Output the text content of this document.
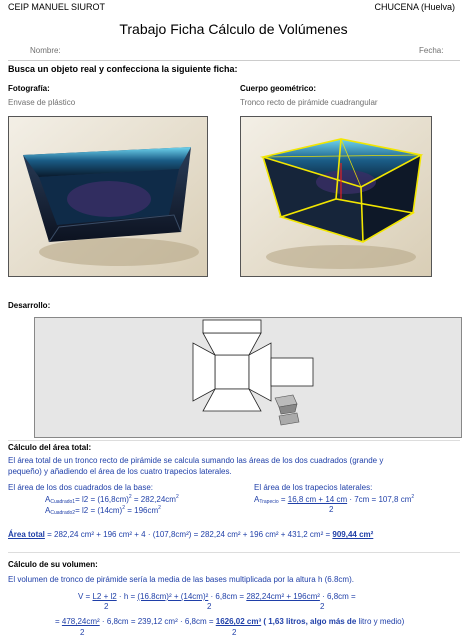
CEIP MANUEL SIUROT	CHUCENA (Huelva)
Trabajo Ficha Cálculo de Volúmenes
Nombre:	Fecha:
Busca un objeto real y confecciona la siguiente ficha:
Fotografía:
Envase de plástico
Cuerpo geométrico:
Tronco recto de pirámide cuadrangular
Desarrollo:
Cálculo del área total:
El área total de un tronco recto de pirámide se calcula sumando las áreas de los dos cuadrados (grande y
pequeño) y añadiendo el área de los cuatro trapecios laterales.
El área de los dos cuadrados de la base:
$A_{Cuadrado1}= l2 = (16,8cm)^2 = 282,24cm^2$
$A_{Cuadrado2}= l2 = (14cm)^2 = 196cm^2$
El área de los trapecios laterales:
$A_{Trapecio} = 16,8$ cm + 14 cm · 7cm = 107,8 $cm^2$
2
Área total = 282,24 cm² + 196 cm² + 4 · (107,8cm²) = 282,24 cm² + 196 cm² + 431,2 cm² = 909,44 cm²
Cálculo de su volumen:
El volumen de tronco de pirámide sería la media de las bases multiplicada por la altura h (6.8cm).
V = L2 + l2 · h = (16.8cm)² + (14cm)² · 6,8cm = 282,24cm² + 196cm² · 6,8cm =
2	2	2
= 478,24cm² · 6,8cm = 239,12 cm² · 6,8cm = 1626,02 cm³ ( 1,63 litros, algo más de litro y medio)
2	2
